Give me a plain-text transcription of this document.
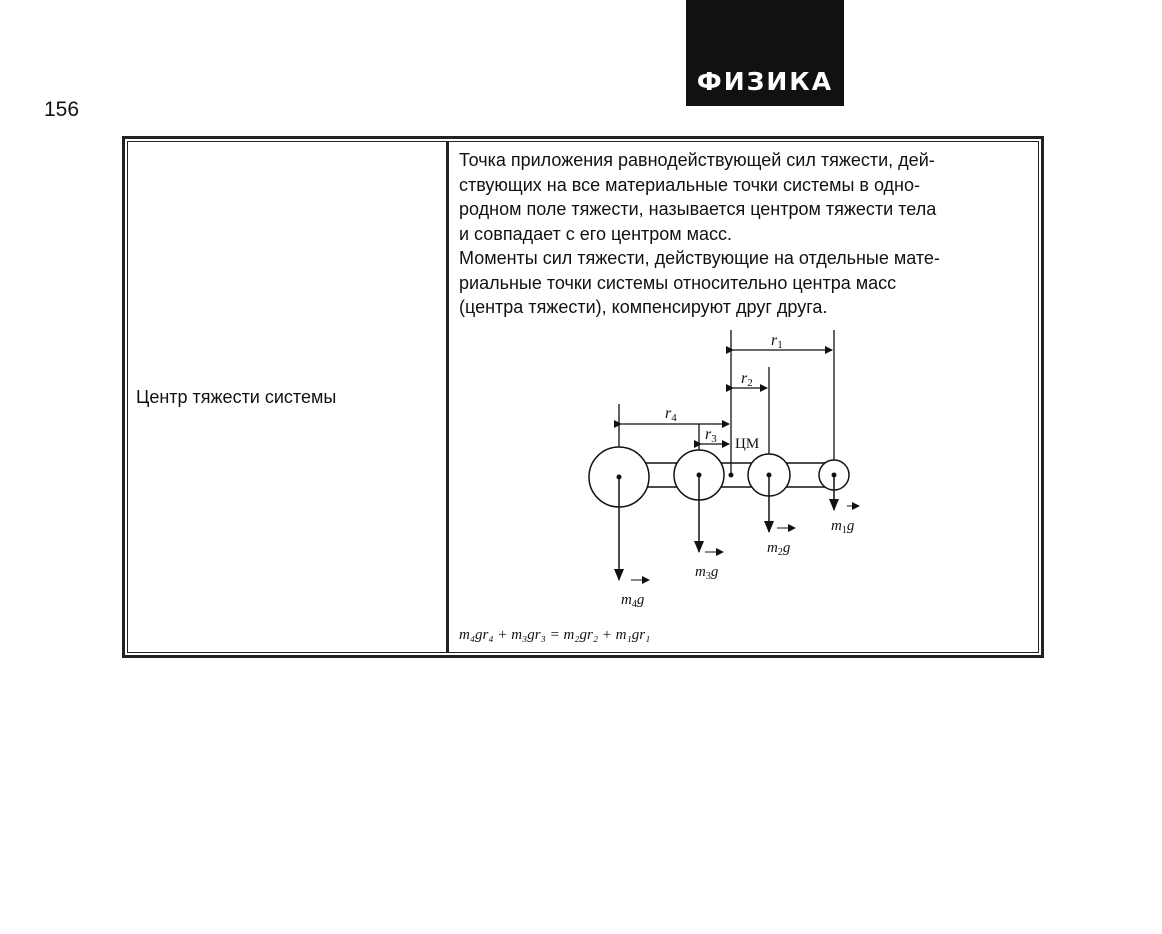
156
ФИЗИКА
Центр тяжести системы

Точка приложения равнодействующей сил тяжести, дей-
ствующих на все материальные точки системы в одно-
родном поле тяжести, называется центром тяжести тела
и совпадает с его центром масс.
Моменты сил тяжести, действующие на отдельные мате-
риальные точки системы относительно центра масс
(центра тяжести), компенсируют друг друга.

r1
r2
r3
r4
ЦМ
$m_1g$
$m_2g$
$m_3g$
$m_4g$
m₄gr₄ + m₃gr₃ = m₂gr₂ + m₁gr₁
